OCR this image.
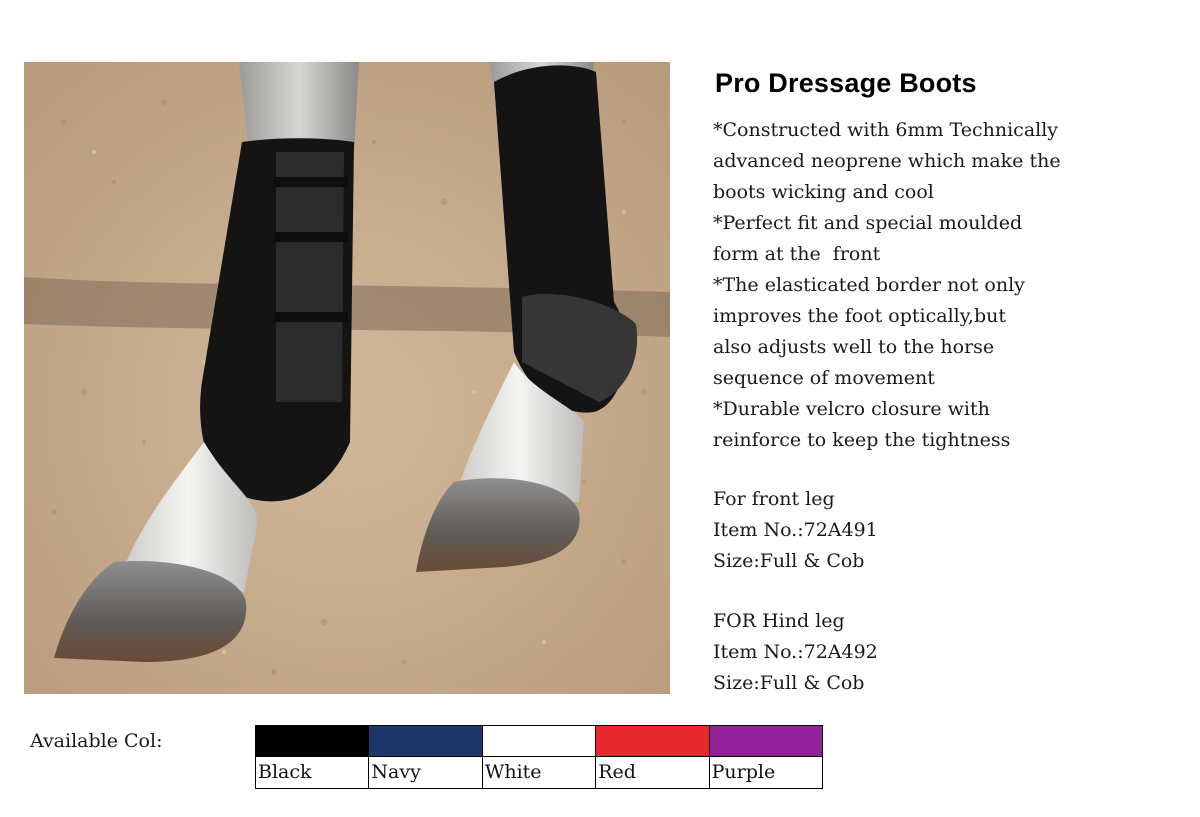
Pro Dressage Boots
*Constructed with 6mm Technically
advanced neoprene which make the
boots wicking and cool
*Perfect fit and special moulded
form at the  front
*The elasticated border not only
improves the foot optically,but
also adjusts well to the horse
sequence of movement
*Durable velcro closure with
reinforce to keep the tightness
For front leg
Item No.:72A491
Size:Full & Cob
FOR Hind leg
Item No.:72A492
Size:Full & Cob
Available Col:
Black	Navy	White	Red	Purple
